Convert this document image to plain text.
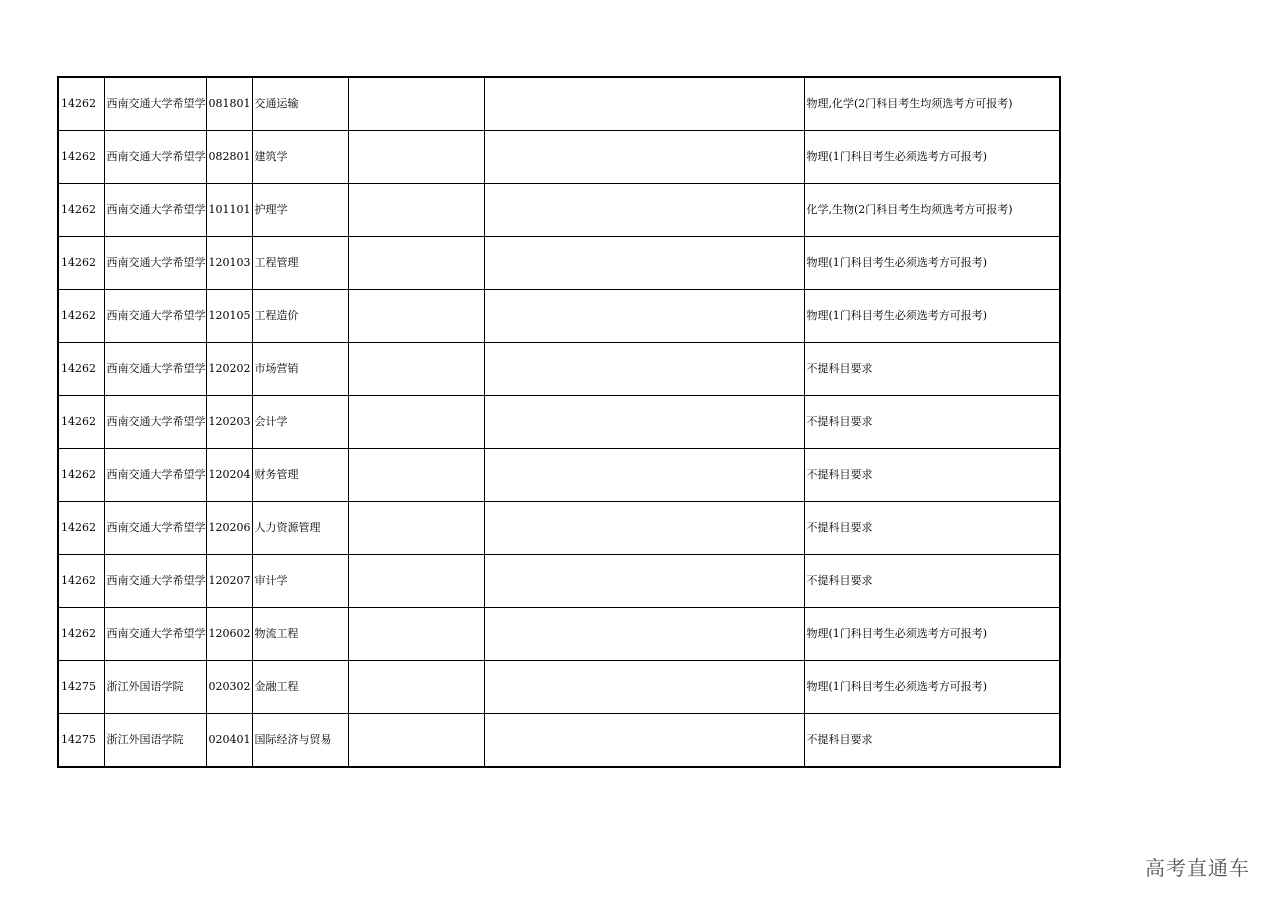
14262	西南交通大学希望学	081801	交通运输			物理,化学(2门科目考生均须选考方可报考)
14262	西南交通大学希望学	082801	建筑学			物理(1门科目考生必须选考方可报考)
14262	西南交通大学希望学	101101	护理学			化学,生物(2门科目考生均须选考方可报考)
14262	西南交通大学希望学	120103	工程管理			物理(1门科目考生必须选考方可报考)
14262	西南交通大学希望学	120105	工程造价			物理(1门科目考生必须选考方可报考)
14262	西南交通大学希望学	120202	市场营销			不提科目要求
14262	西南交通大学希望学	120203	会计学			不提科目要求
14262	西南交通大学希望学	120204	财务管理			不提科目要求
14262	西南交通大学希望学	120206	人力资源管理			不提科目要求
14262	西南交通大学希望学	120207	审计学			不提科目要求
14262	西南交通大学希望学	120602	物流工程			物理(1门科目考生必须选考方可报考)
14275	浙江外国语学院	020302	金融工程			物理(1门科目考生必须选考方可报考)
14275	浙江外国语学院	020401	国际经济与贸易			不提科目要求
高考直通车
